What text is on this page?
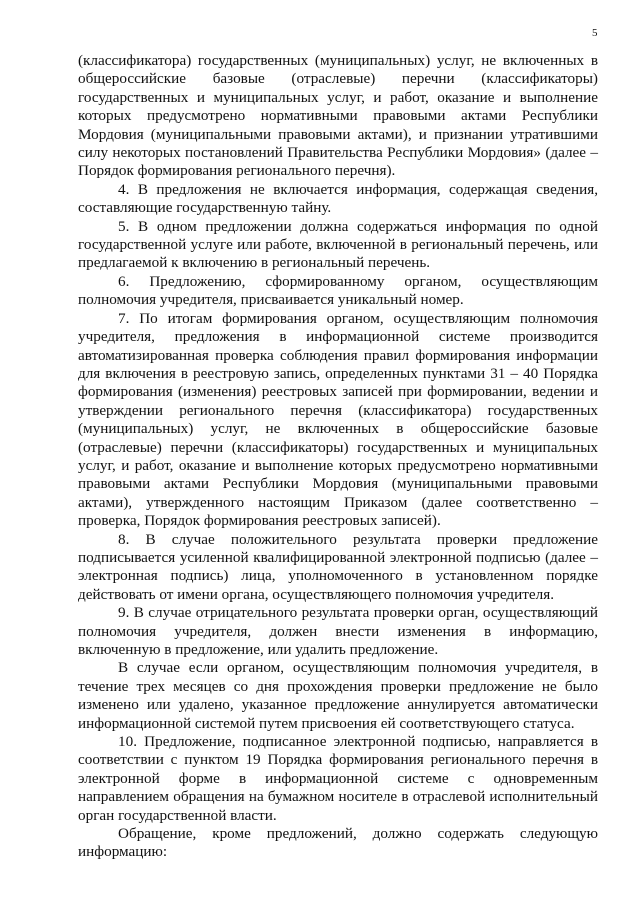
5

(классификатора) государственных (муниципальных) услуг, не включенных в общероссийские базовые (отраслевые) перечни (классификаторы) государственных и муниципальных услуг, и работ, оказание и выполнение которых предусмотрено нормативными правовыми актами Республики Мордовия (муниципальными правовыми актами), и признании утратившими силу некоторых постановлений Правительства Республики Мордовия» (далее – Порядок формирования регионального перечня).

4. В предложения не включается информация, содержащая сведения, составляющие государственную тайну.

5. В одном предложении должна содержаться информация по одной государственной услуге или работе, включенной в региональный перечень, или предлагаемой к включению в региональный перечень.

6. Предложению, сформированному органом, осуществляющим полномочия учредителя, присваивается уникальный номер.

7. По итогам формирования органом, осуществляющим полномочия учредителя, предложения в информационной системе производится автоматизированная проверка соблюдения правил формирования информации для включения в реестровую запись, определенных пунктами 31 – 40 Порядка формирования (изменения) реестровых записей при формировании, ведении и утверждении регионального перечня (классификатора) государственных (муниципальных) услуг, не включенных в общероссийские базовые (отраслевые) перечни (классификаторы) государственных и муниципальных услуг, и работ, оказание и выполнение которых предусмотрено нормативными правовыми актами Республики Мордовия (муниципальными правовыми актами), утвержденного настоящим Приказом (далее соответственно – проверка, Порядок формирования реестровых записей).

8. В случае положительного результата проверки предложение подписывается усиленной квалифицированной электронной подписью (далее – электронная подпись) лица, уполномоченного в установленном порядке действовать от имени органа, осуществляющего полномочия учредителя.

9. В случае отрицательного результата проверки орган, осуществляющий полномочия учредителя, должен внести изменения в информацию, включенную в предложение, или удалить предложение.

В случае если органом, осуществляющим полномочия учредителя, в течение трех месяцев со дня прохождения проверки предложение не было изменено или удалено, указанное предложение аннулируется автоматически информационной системой путем присвоения ей соответствующего статуса.

10. Предложение, подписанное электронной подписью, направляется в соответствии с пунктом 19 Порядка формирования регионального перечня в электронной форме в информационной системе с одновременным направлением обращения на бумажном носителе в отраслевой исполнительный орган государственной власти.

Обращение, кроме предложений, должно содержать следующую информацию:
